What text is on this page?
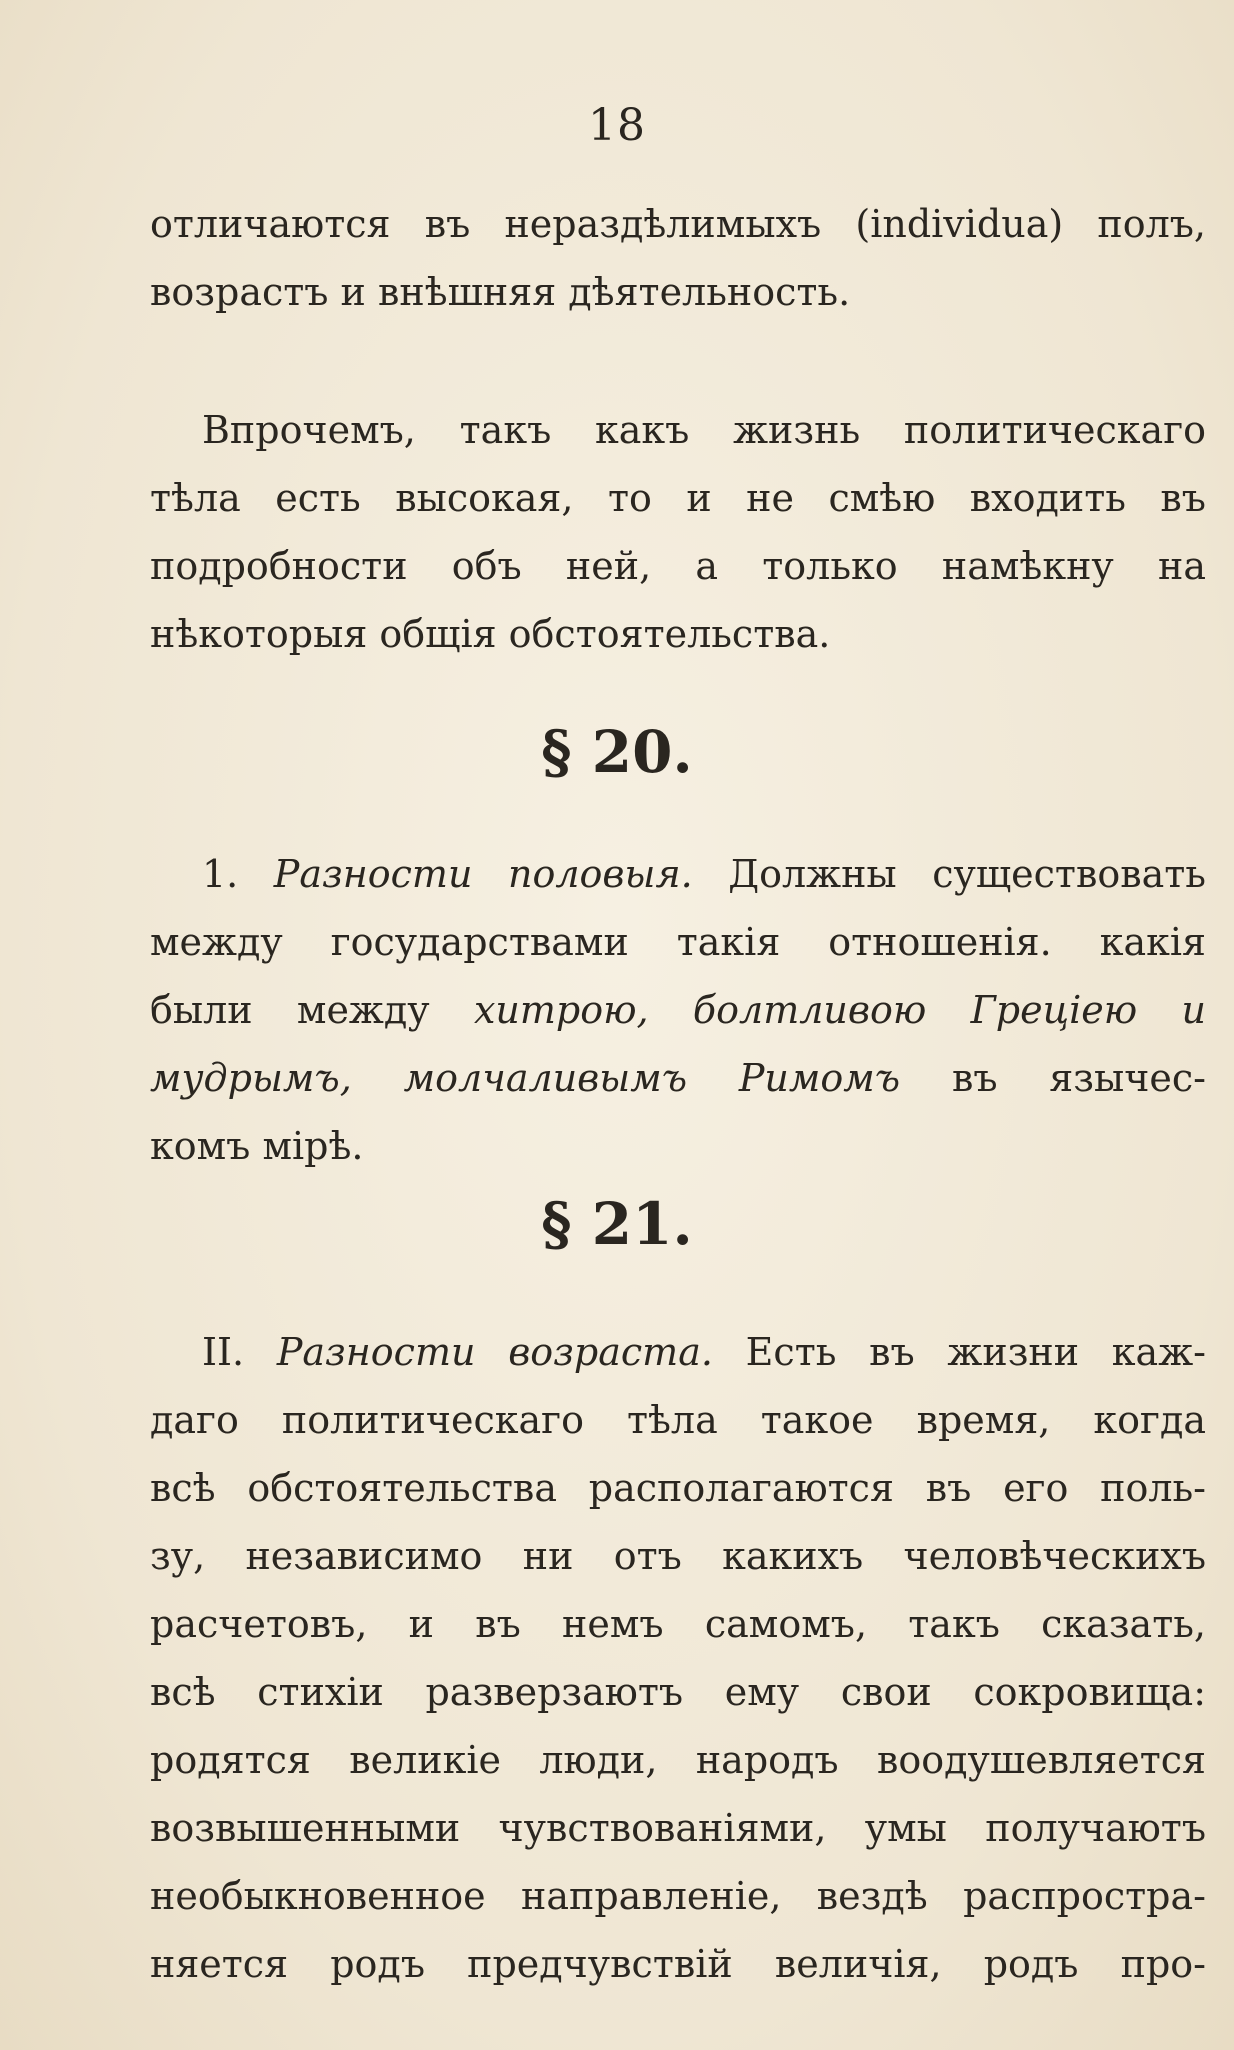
18
отличаются въ нераздѣлимыхъ (individua) полъ,
возрастъ и внѣшняя дѣятельность.
Впрочемъ, такъ какъ жизнь политическаго
тѣла есть высокая, то и не смѣю входить въ
подробности объ ней, а только намѣкну на
нѣкоторыя общія обстоятельства.
§ 20.
1. Разности половыя. Должны существовать
между государствами такія отношенія. какія
были между хитрою, болтливою Греціею и
мудрымъ, молчаливымъ Римомъ въ язычес-
комъ мірѣ.
§ 21.
II. Разности возраста. Есть въ жизни каж-
даго политическаго тѣла такое время, когда
всѣ обстоятельства располагаются въ его поль-
зу, независимо ни отъ какихъ человѣческихъ
расчетовъ, и въ немъ самомъ, такъ сказать,
всѣ стихіи разверзаютъ ему свои сокровища:
родятся великіе люди, народъ воодушевляется
возвышенными чувствованіями, умы получаютъ
необыкновенное направленіе, вездѣ распростра-
няется родъ предчувствій величія, родъ про-
